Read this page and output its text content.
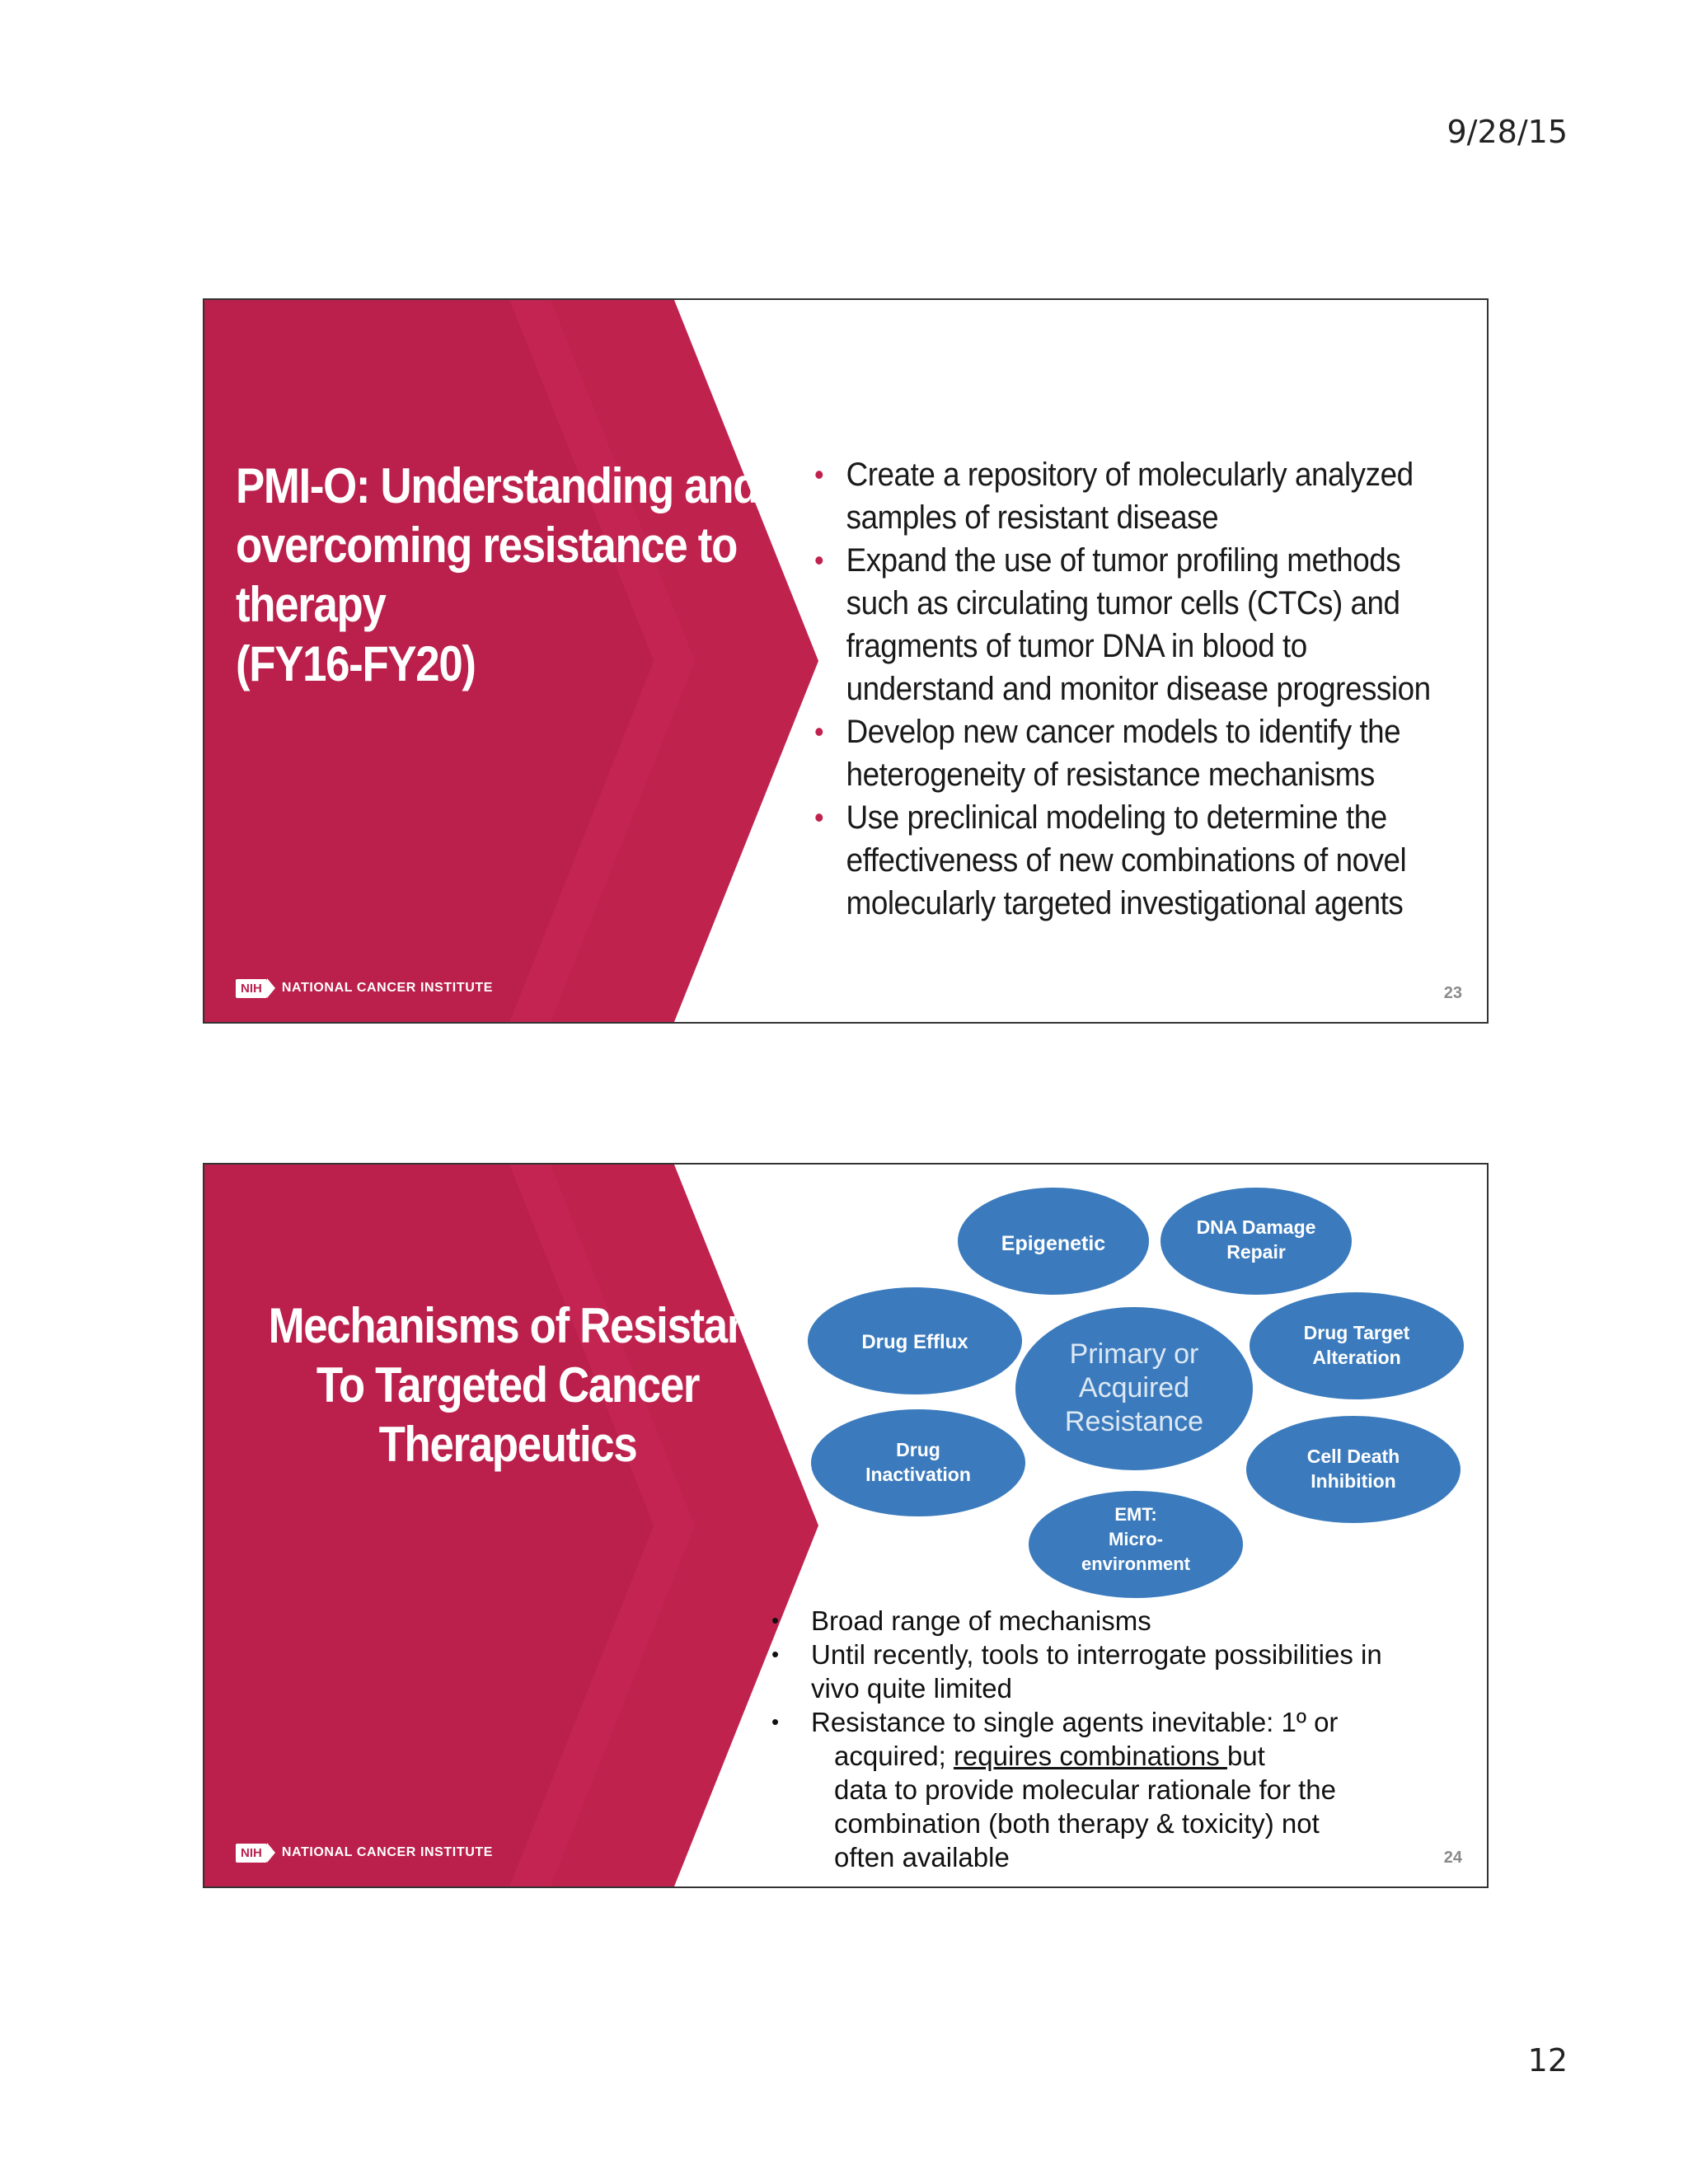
9/28/15
PMI-O: Understanding and
overcoming resistance to
therapy
(FY16-FY20)
• Create a repository of molecularly analyzed
samples of resistant disease
• Expand the use of tumor profiling methods
such as circulating tumor cells (CTCs) and
fragments of tumor DNA in blood to
understand and monitor disease progression
• Develop new cancer models to identify the
heterogeneity of resistance mechanisms
• Use preclinical modeling to determine the
effectiveness of new combinations of novel
molecularly targeted investigational agents
NIH	NATIONAL CANCER INSTITUTE	23
Epigenetic
DNA Damage
Repair
Drug Efflux	Drug Target
Alteration
Drug
Inactivation
Cell Death
Inhibition
EMT:
Micro-
environment
Primary or
Acquired
Resistance
Mechanisms of Resistance
To Targeted Cancer
Therapeutics
• Broad range of mechanisms
• Until recently, tools to interrogate possibilities in
vivo quite limited
• Resistance to single agents inevitable: 1º or
acquired; requires combinations but
data to provide molecular rationale for the
combination (both therapy & toxicity) not
often available
NIH	NATIONAL CANCER INSTITUTE	24
12
